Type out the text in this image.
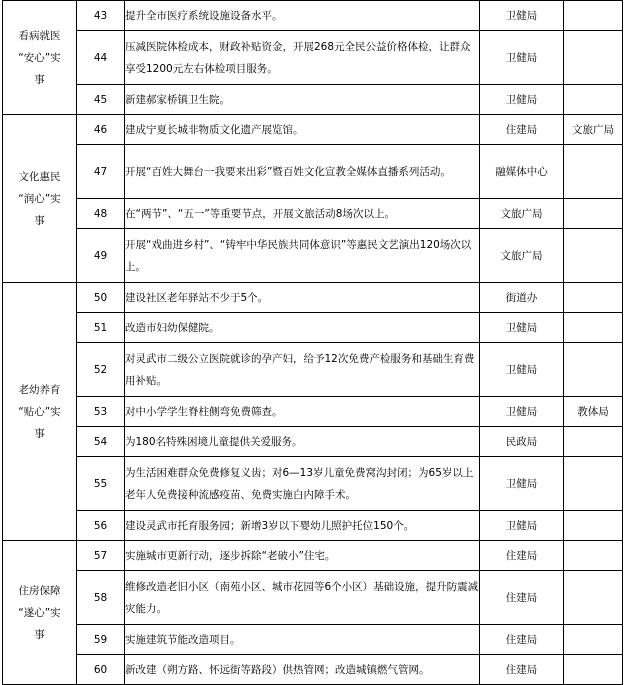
看病就医
“安心”实
事	43	提升全市医疗系统设施设备水平。	卫健局	
	44	压减医院体检成本，财政补贴资金，开展268元全民公益价格体检，让群众享受1200元左右体检项目服务。	卫健局	
	45	新建郝家桥镇卫生院。	卫健局	

文化惠民
“润心”实
事	46	建成宁夏长城非物质文化遗产展览馆。	住建局	文旅广局
	47	开展“百姓大舞台一我要来出彩”暨百姓文化宣教全媒体直播系列活动。	融媒体中心	
	48	在“两节”、“五一”等重要节点，开展文旅活动8场次以上。	文旅广局	
	49	开展“戏曲进乡村”、“铸牢中华民族共同体意识”等惠民文艺演出120场次以上。	文旅广局	

老幼养育
“贴心”实
事	50	建设社区老年驿站不少于5个。	街道办	
	51	改造市妇幼保健院。	卫健局	
	52	对灵武市二级公立医院就诊的孕产妇，给予12次免费产检服务和基础生育费用补贴。	卫健局	
	53	对中小学学生脊柱侧弯免费筛查。	卫健局	教体局
	54	为180名特殊困境儿童提供关爱服务。	民政局	
	55	为生活困难群众免费修复义齿；对6—13岁儿童免费窝沟封闭；为65岁以上老年人免费接种流感疫苗、免费实施白内障手术。	卫健局	
	56	建设灵武市托育服务园；新增3岁以下婴幼儿照护托位150个。	卫健局	

住房保障
“遂心”实
事	57	实施城市更新行动，逐步拆除“老破小”住宅。	住建局	
	58	维修改造老旧小区（南苑小区、城市花园等6个小区）基础设施，提升防震减灾能力。	住建局	
	59	实施建筑节能改造项目。	住建局	
	60	新改建（朔方路、怀远街等路段）供热管网；改造城镇燃气管网。	住建局	
